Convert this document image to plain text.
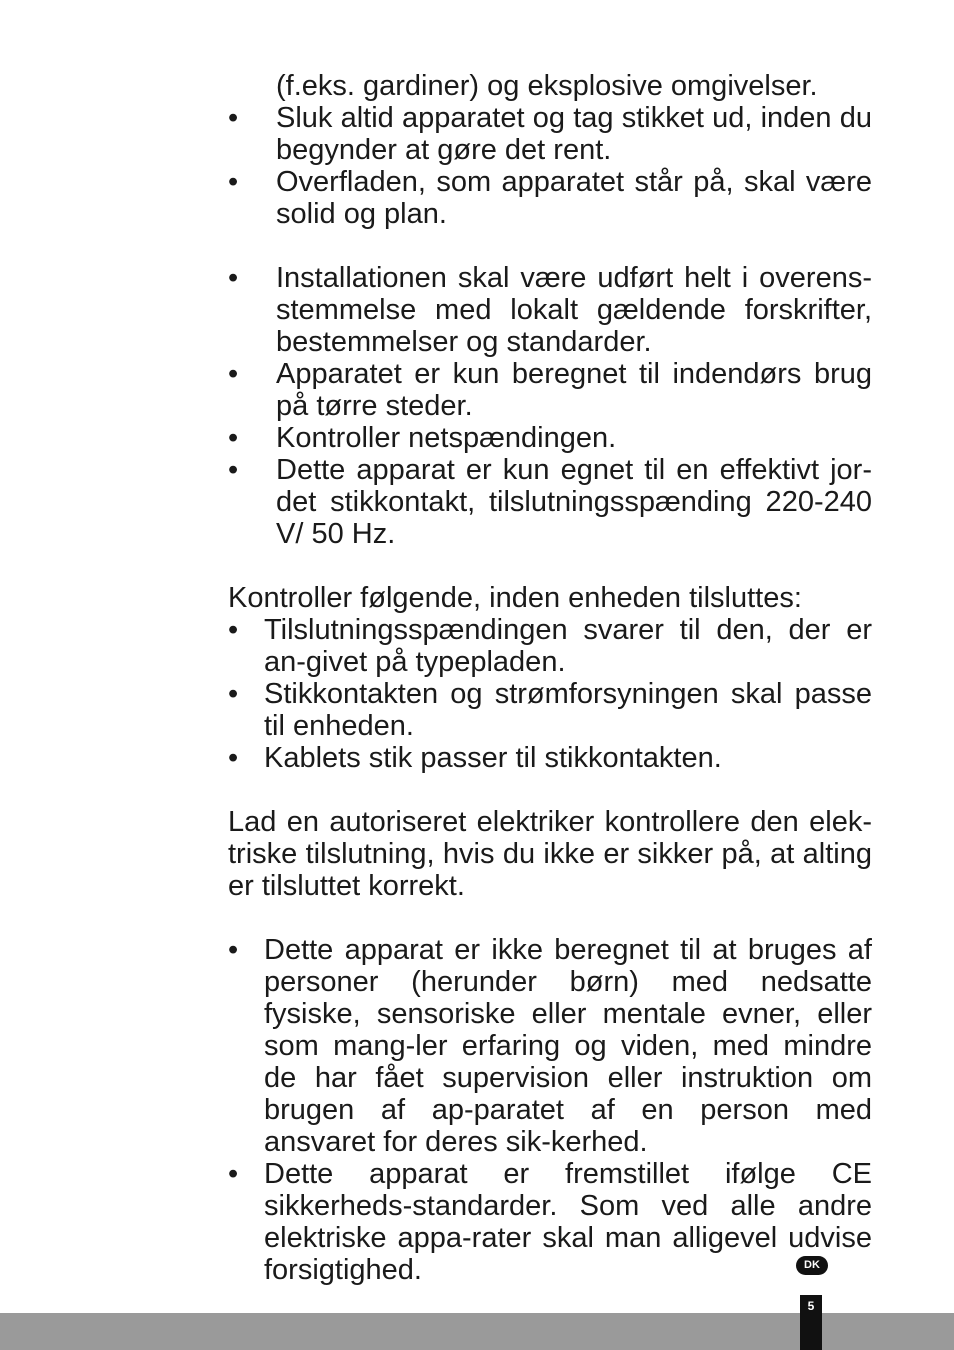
(f.eks. gardiner) og eksplosive omgivelser.
• Sluk altid apparatet og tag stikket ud, inden du begynder at gøre det rent.
• Overfladen, som apparatet står på, skal være solid og plan.
• Installationen skal være udført helt i overens-stemmelse med lokalt gældende forskrifter, bestemmelser og standarder.
• Apparatet er kun beregnet til indendørs brug på tørre steder.
• Kontroller netspændingen.
• Dette apparat er kun egnet til en effektivt jor-det stikkontakt, tilslutningsspænding 220-240 V/ 50 Hz.
Kontroller følgende, inden enheden tilsluttes:
• Tilslutningsspændingen svarer til den, der er an-givet på typepladen.
• Stikkontakten og strømforsyningen skal passe til enheden.
• Kablets stik passer til stikkontakten.
Lad en autoriseret elektriker kontrollere den elek-triske tilslutning, hvis du ikke er sikker på, at alting er tilsluttet korrekt.
• Dette apparat er ikke beregnet til at bruges af personer (herunder børn) med nedsatte fysiske, sensoriske eller mentale evner, eller som mang-ler erfaring og viden, med mindre de har fået supervision eller instruktion om brugen af ap-paratet af en person med ansvaret for deres sik-kerhed.
• Dette apparat er fremstillet ifølge CE sikkerheds-standarder. Som ved alle andre elektriske appa-rater skal man alligevel udvise forsigtighed.	DK
5
